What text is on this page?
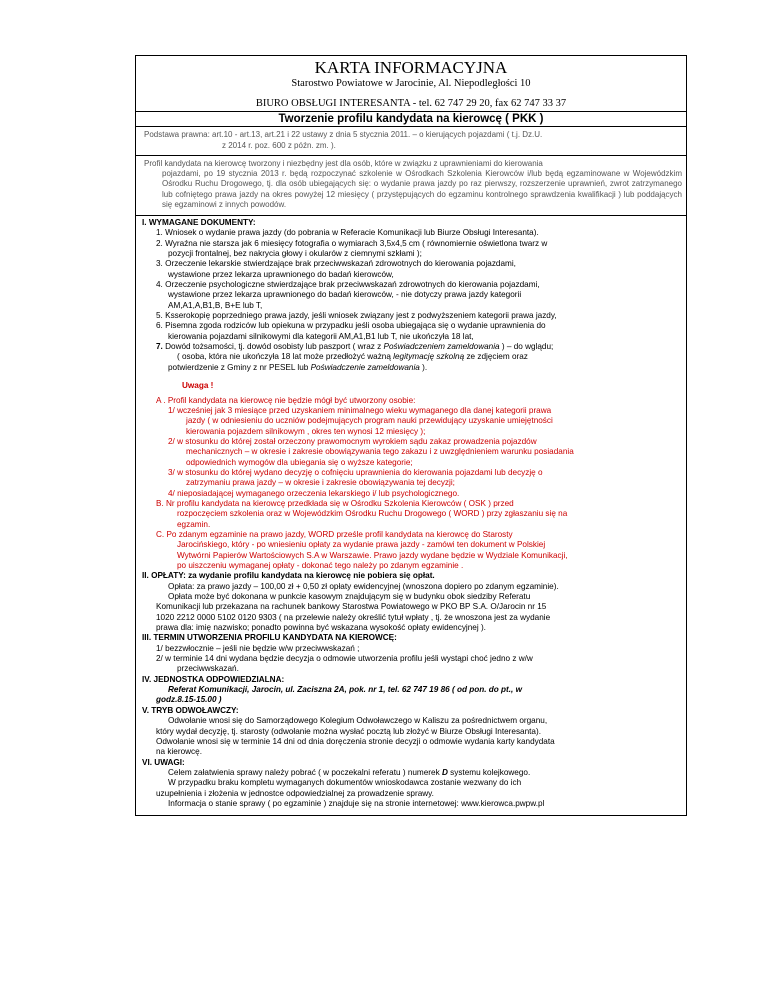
KARTA INFORMACYJNA
Starostwo Powiatowe w Jarocinie, Al. Niepodległości 10
BIURO OBSŁUGI INTERESANTA - tel. 62 747 29 20, fax 62 747 33 37
Tworzenie profilu kandydata na kierowcę ( PKK )
Podstawa prawna: art.10 - art.13, art.21 i 22 ustawy z dnia 5 stycznia 2011. – o kierujących pojazdami ( t.j. Dz.U.
z 2014 r. poz. 600 z późn. zm. ).
Profil kandydata na kierowcę tworzony i niezbędny jest dla osób, które w związku z uprawnieniami do kierowania
pojazdami, po 19 stycznia 2013 r. będą rozpoczynać szkolenie w Ośrodkach Szkolenia Kierowców i/lub będą egzaminowane w Wojewódzkim Ośrodku Ruchu Drogowego, tj. dla osób ubiegających się: o wydanie prawa jazdy po raz pierwszy, rozszerzenie uprawnień, zwrot zatrzymanego lub cofniętego prawa jazdy na okres powyżej 12 miesięcy ( przystępujących do egzaminu kontrolnego sprawdzenia kwalifikacji ) lub poddających się egzaminowi z innych powodów.

I. WYMAGANE DOKUMENTY:

1. Wniosek o wydanie prawa jazdy (do pobrania w Referacie Komunikacji lub Biurze Obsługi Interesanta).

2. Wyraźna nie starsza jak 6 miesięcy fotografia o wymiarach 3,5x4,5 cm ( równomiernie oświetlona twarz w

pozycji frontalnej, bez nakrycia głowy i okularów z ciemnymi szkłami );

3. Orzeczenie lekarskie stwierdzające brak przeciwwskazań zdrowotnych do kierowania pojazdami,

wystawione przez lekarza uprawnionego do badań kierowców,

4. Orzeczenie psychologiczne stwierdzające brak przeciwwskazań zdrowotnych do kierowania pojazdami,

wystawione przez lekarza uprawnionego do badań kierowców, - nie dotyczy prawa jazdy kategorii

AM,A1,A,B1,B, B+E lub T,

5. Ksserokopię poprzedniego prawa jazdy, jeśli wniosek związany jest z podwyższeniem kategorii prawa jazdy,

6. Pisemna zgoda rodziców lub opiekuna w przypadku jeśli osoba ubiegająca się o wydanie uprawnienia do

kierowania pojazdami silnikowymi dla kategorii AM,A1,B1 lub T, nie ukończyła 18 lat,

7. Dowód tożsamości, tj. dowód osobisty lub paszport ( wraz z Poświadczeniem zameldowania ) – do wglądu;

( osoba, która nie ukończyła 18 lat może przedłożyć ważną legitymację szkolną ze zdjęciem oraz

potwierdzenie z Gminy z nr PESEL lub Poświadczenie zameldowania ).

Uwaga !

A . Profil kandydata na kierowcę nie będzie mógł być utworzony osobie:

1/ wcześniej jak 3 miesiące przed uzyskaniem minimalnego wieku wymaganego dla danej kategorii prawa

jazdy ( w odniesieniu do uczniów podejmujących program nauki przewidujący uzyskanie umiejętności

kierowania pojazdem silnikowym , okres ten wynosi 12 miesięcy );

2/ w stosunku do której został orzeczony prawomocnym wyrokiem sądu zakaz prowadzenia pojazdów

mechanicznych – w okresie i zakresie obowiązywania tego zakazu i z uwzględnieniem warunku posiadania

odpowiednich wymogów dla ubiegania się o wyższe kategorie;

3/ w stosunku do której wydano decyzję o cofnięciu uprawnienia do kierowania pojazdami lub decyzję o

zatrzymaniu prawa jazdy – w okresie i zakresie obowiązywania tej decyzji;

4/ nieposiadającej wymaganego orzeczenia lekarskiego i/ lub psychologicznego.

B. Nr profilu kandydata na kierowcę przedkłada się w Ośrodku Szkolenia Kierowców ( OSK ) przed

rozpoczęciem szkolenia oraz w Wojewódzkim Ośrodku Ruchu Drogowego ( WORD ) przy zgłaszaniu się na

egzamin.

C. Po zdanym egzaminie na prawo jazdy, WORD prześle profil kandydata na kierowcę do Starosty

Jarocińskiego, który - po wniesieniu opłaty za wydanie prawa jazdy - zamówi ten dokument w Polskiej

Wytwórni Papierów Wartościowych S.A w Warszawie. Prawo jazdy wydane będzie w Wydziale Komunikacji,

po uiszczeniu wymaganej opłaty - dokonać tego należy po zdanym egzaminie .

II. OPŁATY: za wydanie profilu kandydata na kierowcę nie pobiera się opłat.

Opłata: za prawo jazdy – 100,00 zł + 0,50 zł opłaty ewidencyjnej (wnoszona dopiero po zdanym egzaminie).

Opłata może być dokonana w punkcie kasowym znajdującym się w budynku obok siedziby Referatu

Komunikacji lub przekazana na rachunek bankowy Starostwa Powiatowego w PKO BP S.A. O/Jarocin nr 15

1020 2212 0000 5102 0120 9303 ( na przelewie należy określić tytuł wpłaty , tj. że wnoszona jest za wydanie

prawa dla: imię nazwisko; ponadto powinna być wskazana wysokość opłaty ewidencyjnej ).

III. TERMIN UTWORZENIA PROFILU KANDYDATA NA KIEROWCĘ:

1/ bezzwłocznie – jeśli nie będzie w/w przeciwwskazań ;

2/ w terminie 14 dni wydana będzie decyzja o odmowie utworzenia profilu jeśli wystąpi choć jedno z w/w

przeciwwskazań.

IV. JEDNOSTKA ODPOWIEDZIALNA:

Referat Komunikacji, Jarocin, ul. Zaciszna 2A, pok. nr 1, tel. 62 747 19 86 ( od pon. do pt., w

godz.8.15-15.00 )

V. TRYB ODWOŁAWCZY:

Odwołanie wnosi się do Samorządowego Kolegium Odwoławczego w Kaliszu za pośrednictwem organu,

który wydał decyzję, tj. starosty (odwołanie można wysłać pocztą lub złożyć w Biurze Obsługi Interesanta).

Odwołanie wnosi się w terminie 14 dni od dnia doręczenia stronie decyzji o odmowie wydania karty kandydata

na kierowcę.

VI. UWAGI:

Celem załatwienia sprawy należy pobrać ( w poczekalni referatu ) numerek D systemu kolejkowego.

W przypadku braku kompletu wymaganych dokumentów wnioskodawca zostanie wezwany do ich

uzupełnienia i złożenia w jednostce odpowiedzialnej za prowadzenie sprawy.

Informacja o stanie sprawy ( po egzaminie ) znajduje się na stronie internetowej: www.kierowca.pwpw.pl
